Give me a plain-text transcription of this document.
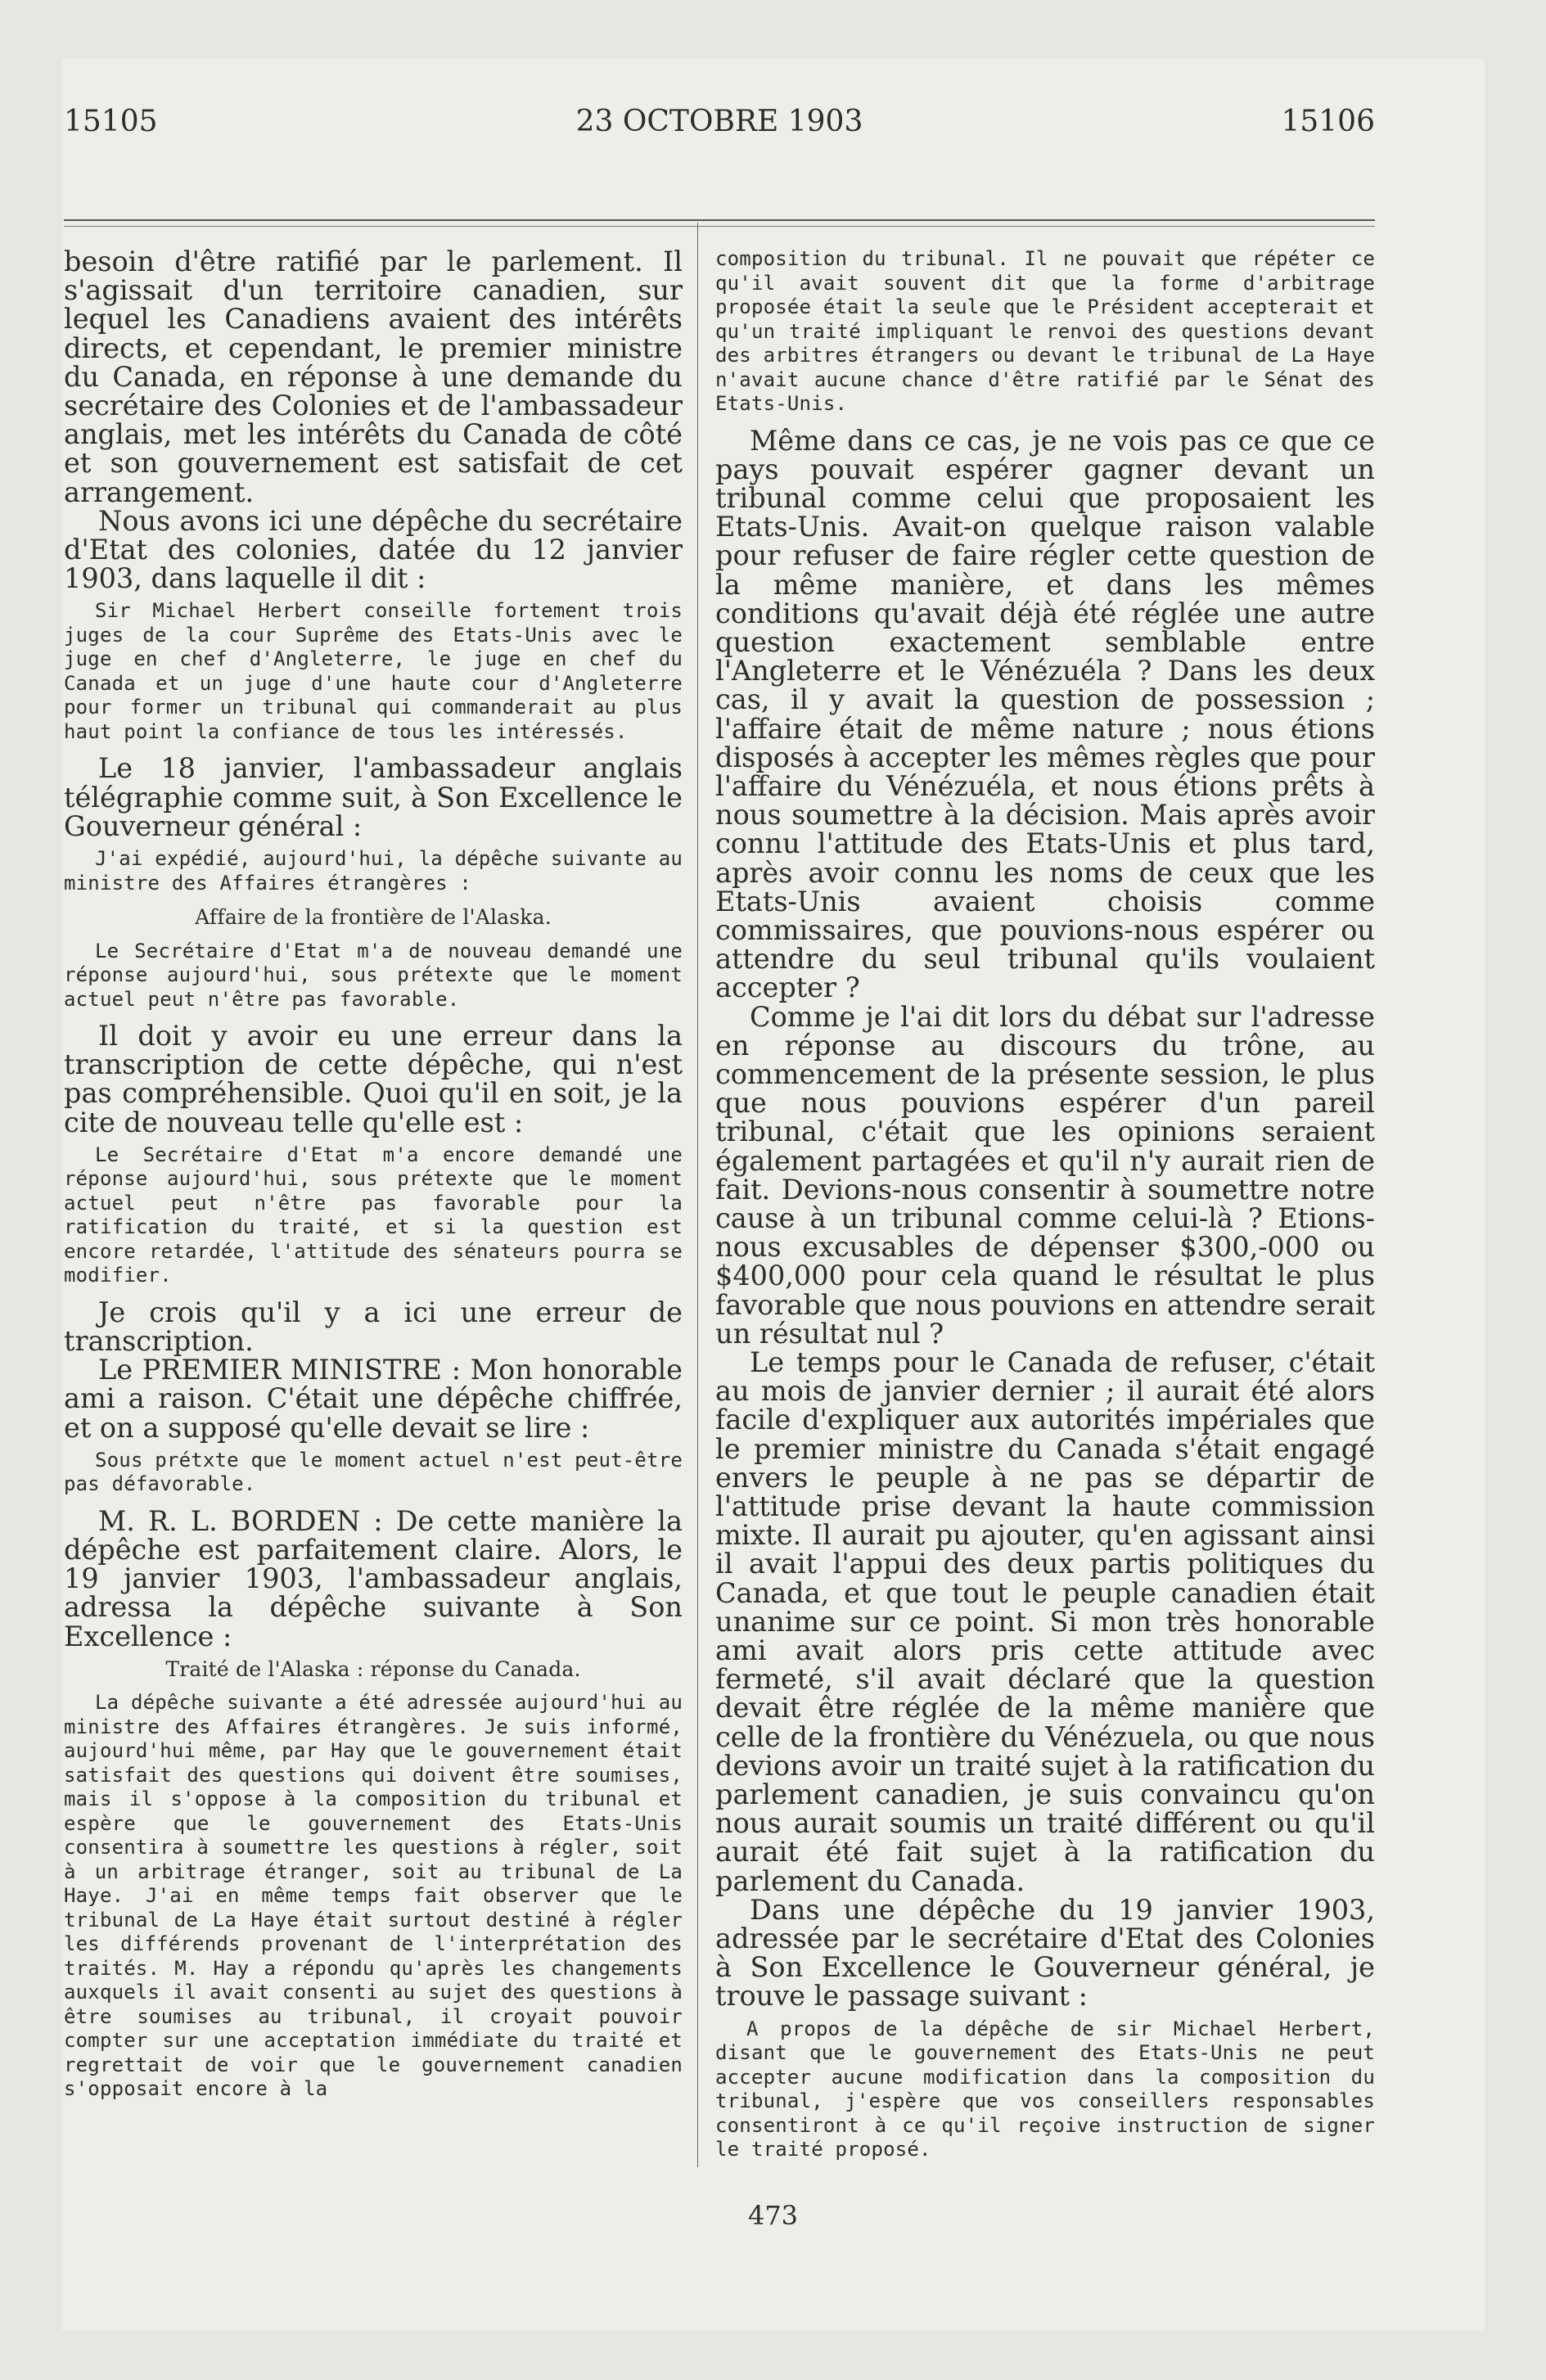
15105	23 OCTOBRE 1903	15106

besoin d'être ratifié par le parlement. Il s'agissait d'un territoire canadien, sur lequel les Canadiens avaient des intérêts directs, et cependant, le premier ministre du Canada, en réponse à une demande du secrétaire des Colonies et de l'ambassadeur anglais, met les intérêts du Canada de côté et son gouvernement est satisfait de cet arrangement.

Nous avons ici une dépêche du secrétaire d'Etat des colonies, datée du 12 janvier 1903, dans laquelle il dit :

Sir Michael Herbert conseille fortement trois juges de la cour Suprême des Etats-Unis avec le juge en chef d'Angleterre, le juge en chef du Canada et un juge d'une haute cour d'Angleterre pour former un tribunal qui commanderait au plus haut point la confiance de tous les intéressés.

Le 18 janvier, l'ambassadeur anglais télégraphie comme suit, à Son Excellence le Gouverneur général :

J'ai expédié, aujourd'hui, la dépêche suivante au ministre des Affaires étrangères :

Affaire de la frontière de l'Alaska.

Le Secrétaire d'Etat m'a de nouveau demandé une réponse aujourd'hui, sous prétexte que le moment actuel peut n'être pas favorable.

Il doit y avoir eu une erreur dans la transcription de cette dépêche, qui n'est pas compréhensible. Quoi qu'il en soit, je la cite de nouveau telle qu'elle est :

Le Secrétaire d'Etat m'a encore demandé une réponse aujourd'hui, sous prétexte que le moment actuel peut n'être pas favorable pour la ratification du traité, et si la question est encore retardée, l'attitude des sénateurs pourra se modifier.

Je crois qu'il y a ici une erreur de transcription.

Le PREMIER MINISTRE : Mon honorable ami a raison. C'était une dépêche chiffrée, et on a supposé qu'elle devait se lire :

Sous prétxte que le moment actuel n'est peut-être pas défavorable.

M. R. L. BORDEN : De cette manière la dépêche est parfaitement claire. Alors, le 19 janvier 1903, l'ambassadeur anglais, adressa la dépêche suivante à Son Excellence :

Traité de l'Alaska : réponse du Canada.

La dépêche suivante a été adressée aujourd'hui au ministre des Affaires étrangères. Je suis informé, aujourd'hui même, par Hay que le gouvernement était satisfait des questions qui doivent être soumises, mais il s'oppose à la composition du tribunal et espère que le gouvernement des Etats-Unis consentira à soumettre les questions à régler, soit à un arbitrage étranger, soit au tribunal de La Haye. J'ai en même temps fait observer que le tribunal de La Haye était surtout destiné à régler les différends provenant de l'interprétation des traités. M. Hay a répondu qu'après les changements auxquels il avait consenti au sujet des questions à être soumises au tribunal, il croyait pouvoir compter sur une acceptation immédiate du traité et regrettait de voir que le gouvernement canadien s'opposait encore à la

composition du tribunal. Il ne pouvait que répéter ce qu'il avait souvent dit que la forme d'arbitrage proposée était la seule que le Président accepterait et qu'un traité impliquant le renvoi des questions devant des arbitres étrangers ou devant le tribunal de La Haye n'avait aucune chance d'être ratifié par le Sénat des Etats-Unis.

Même dans ce cas, je ne vois pas ce que ce pays pouvait espérer gagner devant un tribunal comme celui que proposaient les Etats-Unis. Avait-on quelque raison valable pour refuser de faire régler cette question de la même manière, et dans les mêmes conditions qu'avait déjà été réglée une autre question exactement semblable entre l'Angleterre et le Vénézuéla ? Dans les deux cas, il y avait la question de possession ; l'affaire était de même nature ; nous étions disposés à accepter les mêmes règles que pour l'affaire du Vénézuéla, et nous étions prêts à nous soumettre à la décision. Mais après avoir connu l'attitude des Etats-Unis et plus tard, après avoir connu les noms de ceux que les Etats-Unis avaient choisis comme commissaires, que pouvions-nous espérer ou attendre du seul tribunal qu'ils voulaient accepter ?

Comme je l'ai dit lors du débat sur l'adresse en réponse au discours du trône, au commencement de la présente session, le plus que nous pouvions espérer d'un pareil tribunal, c'était que les opinions seraient également partagées et qu'il n'y aurait rien de fait. Devions-nous consentir à soumettre notre cause à un tribunal comme celui-là ? Etions-nous excusables de dépenser $300,-000 ou $400,000 pour cela quand le résultat le plus favorable que nous pouvions en attendre serait un résultat nul ?

Le temps pour le Canada de refuser, c'était au mois de janvier dernier ; il aurait été alors facile d'expliquer aux autorités impériales que le premier ministre du Canada s'était engagé envers le peuple à ne pas se départir de l'attitude prise devant la haute commission mixte. Il aurait pu ajouter, qu'en agissant ainsi il avait l'appui des deux partis politiques du Canada, et que tout le peuple canadien était unanime sur ce point. Si mon très honorable ami avait alors pris cette attitude avec fermeté, s'il avait déclaré que la question devait être réglée de la même manière que celle de la frontière du Vénézuela, ou que nous devions avoir un traité sujet à la ratification du parlement canadien, je suis convaincu qu'on nous aurait soumis un traité différent ou qu'il aurait été fait sujet à la ratification du parlement du Canada.

Dans une dépêche du 19 janvier 1903, adressée par le secrétaire d'Etat des Colonies à Son Excellence le Gouverneur général, je trouve le passage suivant :

A propos de la dépêche de sir Michael Herbert, disant que le gouvernement des Etats-Unis ne peut accepter aucune modification dans la composition du tribunal, j'espère que vos conseillers responsables consentiront à ce qu'il reçoive instruction de signer le traité proposé.

473
